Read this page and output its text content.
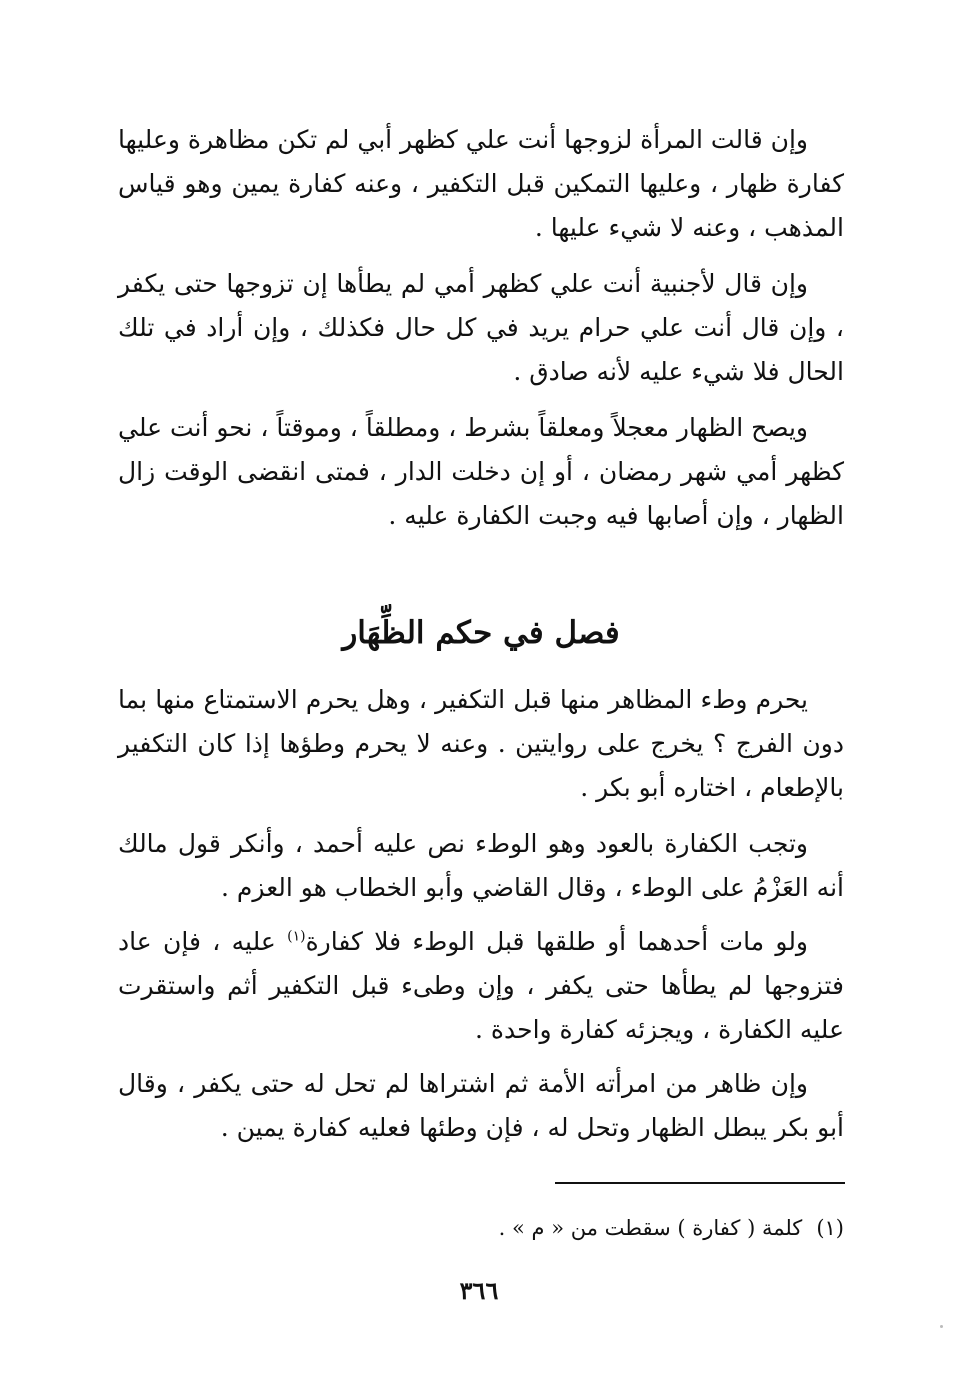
وإن قالت المرأة لزوجها أنت علي كظهر أبي لم تكن مظاهرة وعليها كفارة ظهار ، وعليها التمكين قبل التكفير ، وعنه كفارة يمين وهو قياس المذهب ، وعنه لا شيء عليها .

وإن قال لأجنبية أنت علي كظهر أمي لم يطأها إن تزوجها حتى يكفر ، وإن قال أنت علي حرام يريد في كل حال فكذلك ، وإن أراد في تلك الحال فلا شيء عليه لأنه صادق .

ويصح الظهار معجلاً ومعلقاً بشرط ، ومطلقاً ، وموقتاً ، نحو أنت علي كظهر أمي شهر رمضان ، أو إن دخلت الدار ، فمتى انقضى الوقت زال الظهار ، وإن أصابها فيه وجبت الكفارة عليه .

فصل في حكم الظِّهَار

يحرم وطء المظاهر منها قبل التكفير ، وهل يحرم الاستمتاع منها بما دون الفرج ؟ يخرج على روايتين . وعنه لا يحرم وطؤها إذا كان التكفير بالإطعام ، اختاره أبو بكر .

وتجب الكفارة بالعود وهو الوطء نص عليه أحمد ، وأنكر قول مالك أنه العَزْمُ على الوطء ، وقال القاضي وأبو الخطاب هو العزم .

ولو مات أحدهما أو طلقها قبل الوطء فلا كفارة$^{(١)}$ عليه ، فإن عاد فتزوجها لم يطأها حتى يكفر ، وإن وطىء قبل التكفير أثم واستقرت عليه الكفارة ، ويجزئه كفارة واحدة .

وإن ظاهر من امرأته الأمة ثم اشتراها لم تحل له حتى يكفر ، وقال أبو بكر يبطل الظهار وتحل له ، فإن وطئها فعليه كفارة يمين .

(١)كلمة ( كفارة ) سقطت من « م » .

٣٦٦
